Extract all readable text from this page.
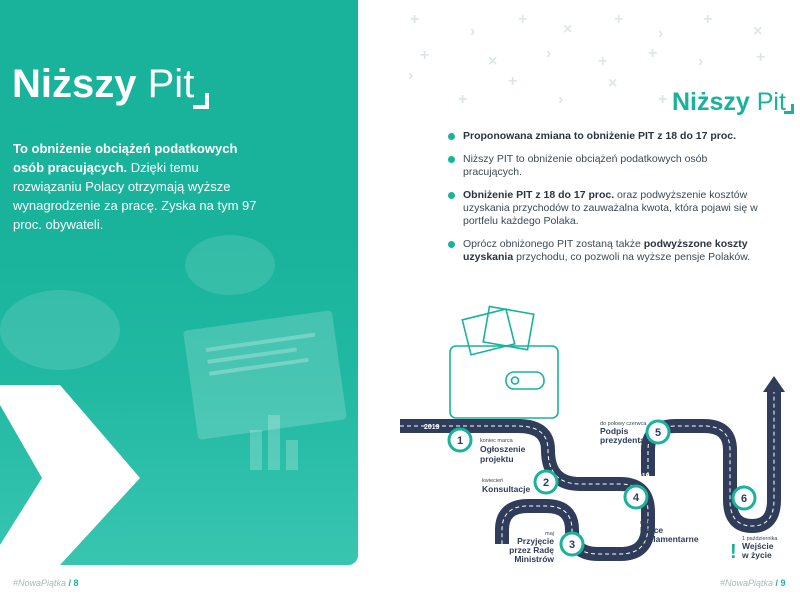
Niższy Pit
To obniżenie obciążeń podatkowych osób pracujących. Dzięki temu rozwiązaniu Polacy otrzymają wyższe wynagrodzenie za pracę. Zyska na tym 97 proc. obywateli.
#NowaPiątka / 8
+
›
+
×
+
›
+
×
+	×	›	+	+	›	+
›
+
+
›
×
+ Niższy Pit
Proponowana zmiana to obniżenie PIT z 18 do 17 proc.
Niższy PIT to obniżenie obciążeń podatkowych osób pracujących.
Obniżenie PIT z 18 do 17 proc. oraz podwyższenie kosztów uzyskania przychodów to zauważalna kwota, która pojawi się w portfelu każdego Polaka.
Oprócz obniżonego PIT zostaną także podwyższone koszty uzyskania przychodu, co pozwoli na wyższe pensje Polaków.
2019
2019
1
2
3
4
5
6
koniec marca
Ogłoszenie
projektu
kwiecień
Konsultacje
maj
Przyjęcie
przez Radę
Ministrów
maj
Prace
parlamentarne
do połowy czerwca
Podpis
prezydenta
1 października
Wejście
w życie
!
#NowaPiątka / 9
